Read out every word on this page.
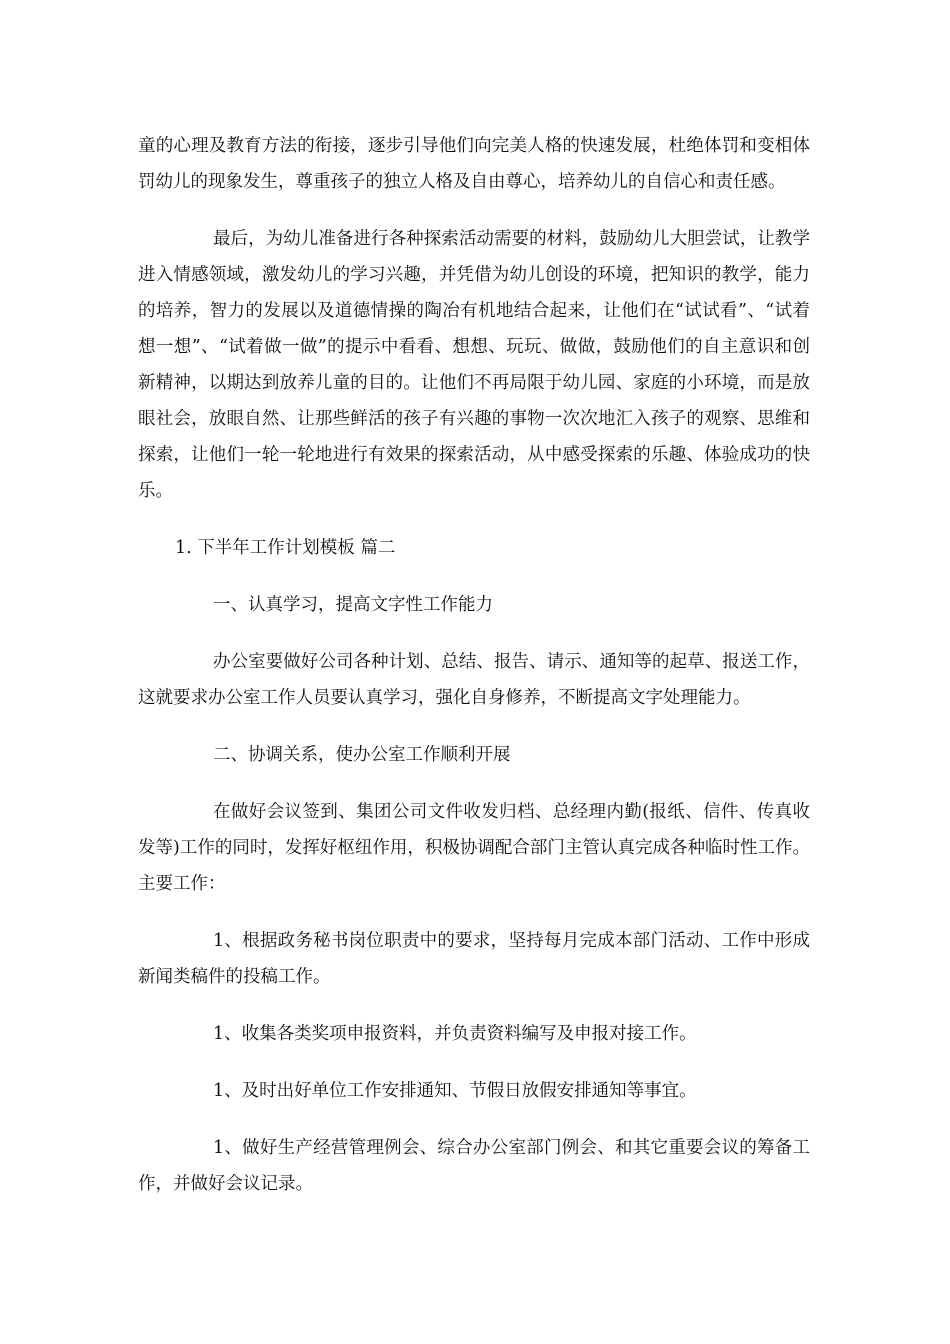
童的心理及教育方法的衔接，逐步引导他们向完美人格的快速发展，杜绝体罚和变相体罚幼儿的现象发生，尊重孩子的独立人格及自由尊心，培养幼儿的自信心和责任感。

最后，为幼儿准备进行各种探索活动需要的材料，鼓励幼儿大胆尝试，让教学进入情感领域，激发幼儿的学习兴趣，并凭借为幼儿创设的环境，把知识的教学，能力的培养，智力的发展以及道德情操的陶冶有机地结合起来，让他们在“试试看”、“试着想一想”、“试着做一做”的提示中看看、想想、玩玩、做做，鼓励他们的自主意识和创新精神，以期达到放养儿童的目的。让他们不再局限于幼儿园、家庭的小环境，而是放眼社会，放眼自然、让那些鲜活的孩子有兴趣的事物一次次地汇入孩子的观察、思维和探索，让他们一轮一轮地进行有效果的探索活动，从中感受探索的乐趣、体验成功的快乐。

1. 下半年工作计划模板 篇二

一、认真学习，提高文字性工作能力

办公室要做好公司各种计划、总结、报告、请示、通知等的起草、报送工作，这就要求办公室工作人员要认真学习，强化自身修养，不断提高文字处理能力。

二、协调关系，使办公室工作顺利开展

在做好会议签到、集团公司文件收发归档、总经理内勤(报纸、信件、传真收发等)工作的同时，发挥好枢纽作用，积极协调配合部门主管认真完成各种临时性工作。主要工作：

1、根据政务秘书岗位职责中的要求，坚持每月完成本部门活动、工作中形成新闻类稿件的投稿工作。

1、收集各类奖项申报资料，并负责资料编写及申报对接工作。

1、及时出好单位工作安排通知、节假日放假安排通知等事宜。

1、做好生产经营管理例会、综合办公室部门例会、和其它重要会议的筹备工作，并做好会议记录。
